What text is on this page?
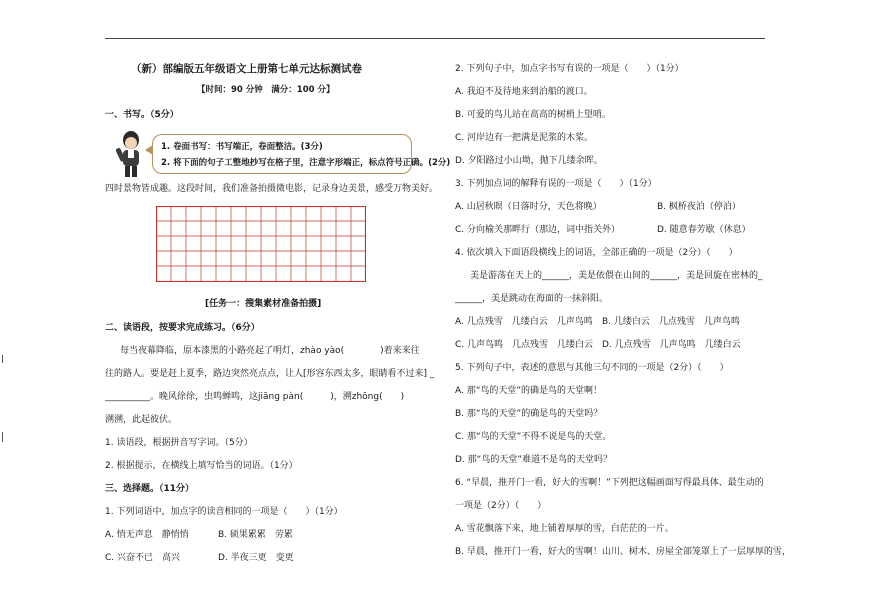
（新）部编版五年级语文上册第七单元达标测试卷
【时间：90 分钟　满分：100 分】
一、书写。（5分）
1. 卷面书写：书写端正，卷面整洁。(3分)
2. 将下面的句子工整地抄写在格子里，注意字形端正，标点符号正确。(2分)
四时景物皆成趣。这段时间，我们准备拍摄微电影，记录身边美景，感受万物美好。
[任务一：搜集素材准备拍摄]
二、读语段，按要求完成练习。（6分）
每当夜幕降临，原本漆黑的小路亮起了明灯，zhào yào(　　　　)着来来往
往的路人。要是赶上夏季，路边突然亮点点，让人[形容东西太多，眼睛看不过来] _
__________。晚风徐徐，虫鸣蝉鸣，这jiāng pàn(　　　)，溯zhōng(　　)
溯溯，此起彼伏。
1. 读语段，根据拼音写字词。（5分）
2. 根据提示，在横线上填写恰当的词语。（1分）
三、选择题。（11分）
1. 下列词语中，加点字的读音相同的一项是（　　）（1分）
A. 悄无声息　静悄悄	B. 硕果累累　劳累
C. 兴奋不已　高兴	D. 半夜三更　变更
2. 下列句子中，加点字书写有误的一项是（　　）（1分）
A. 我迫不及待地来到泊船的渡口。
B. 可爱的鸟儿站在高高的树梢上望哨。
C. 河岸边有一把满是泥浆的木桨。
D. 夕阳路过小山坳，抛下几缕余晖。
3. 下列加点词的解释有误的一项是（　　）（1分）
A. 山居秋暝（日落时分，天色将晚）	B. 枫桥夜泊（停泊）
C. 分向榆关那畔行（那边，词中指关外）	D. 随意春芳歇（休息）
4. 依次填入下面语段横线上的词语，全部正确的一项是（2分）（　　）
美是游荡在天上的______，美是依偎在山间的______，美是回旋在密林的_
______，美是跳动在海面的一抹斜阳。
A. 几点残雪　几缕白云　几声鸟鸣 B. 几缕白云　几点残雪　几声鸟鸣
C. 几声鸟鸣　几点残雪　几缕白云 D. 几点残雪　几声鸟鸣　几缕白云
5. 下列句子中，表述的意思与其他三句不同的一项是（2分）（　　）
A. 那“鸟的天堂”的确是鸟的天堂啊！
B. 那“鸟的天堂”的确是鸟的天堂吗？
C. 那“鸟的天堂”不得不说是鸟的天堂。
D. 那“鸟的天堂”难道不是鸟的天堂吗？
6. “早晨，推开门一看，好大的雪啊！”下列把这幅画面写得最具体、最生动的
一项是（2分）（　　）
A. 雪花飘落下来，地上铺着厚厚的雪，白茫茫的一片。
B. 早晨，推开门一看，好大的雪啊！山川、树木、房屋全部笼罩上了一层厚厚的雪，
